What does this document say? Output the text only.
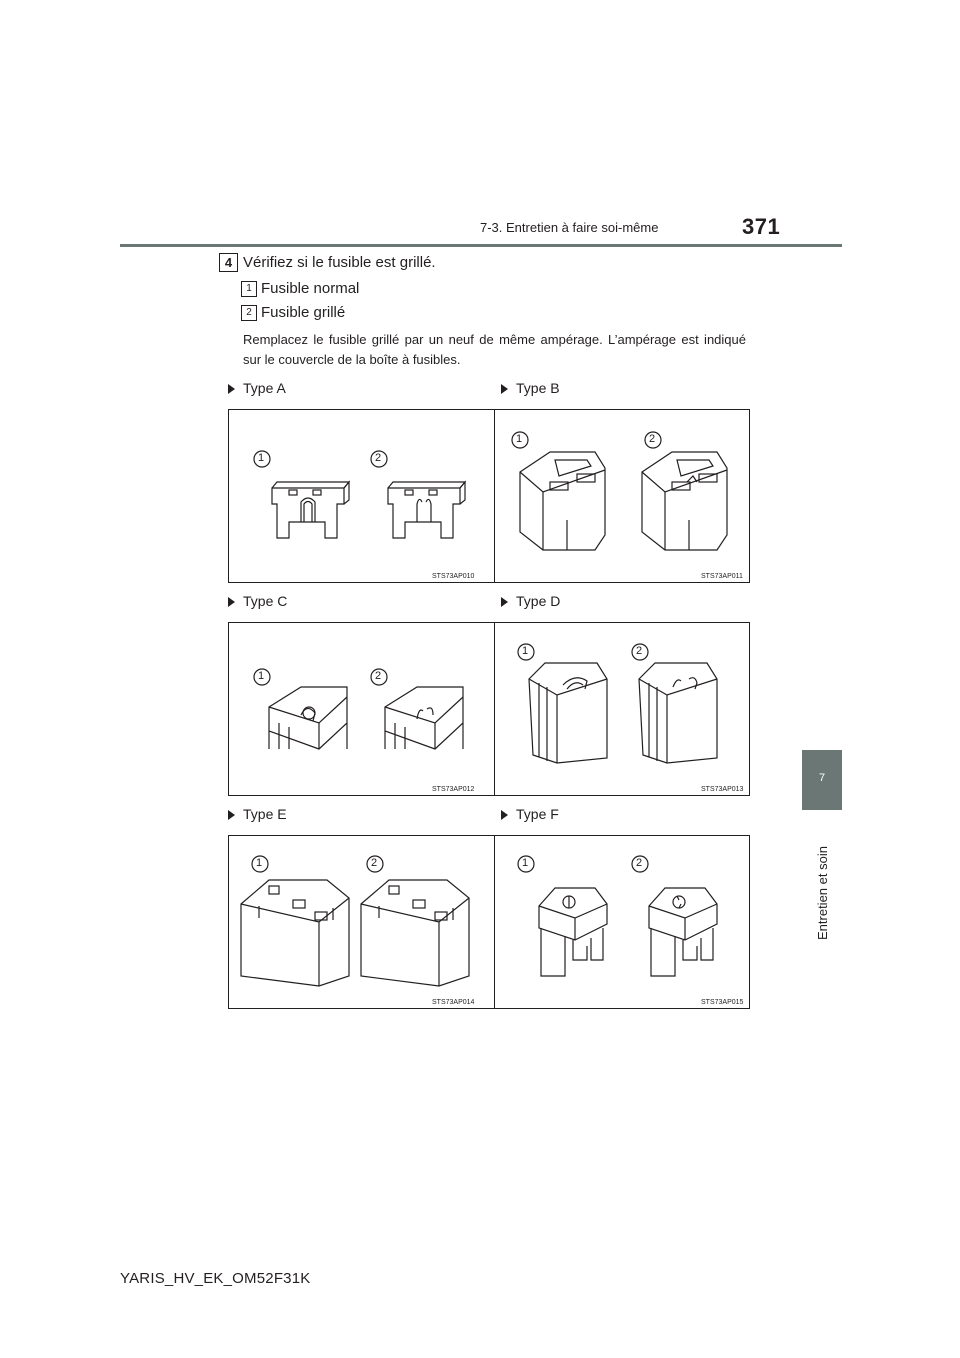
7-3. Entretien à faire soi-même	371
7
Entretien et soin
4 Vérifiez si le fusible est grillé.
1 Fusible normal
2 Fusible grillé
Remplacez le fusible grillé par un neuf de même ampérage. L’ampérage est indiqué sur le couvercle de la boîte à fusibles.
Type A	Type B
Type C	Type D
Type E	Type F
1	2
STS73AP010
1	2
STS73AP011
1	2
STS73AP012
1	2
STS73AP013
1	2
STS73AP014
1	2
STS73AP015
YARIS_HV_EK_OM52F31K
